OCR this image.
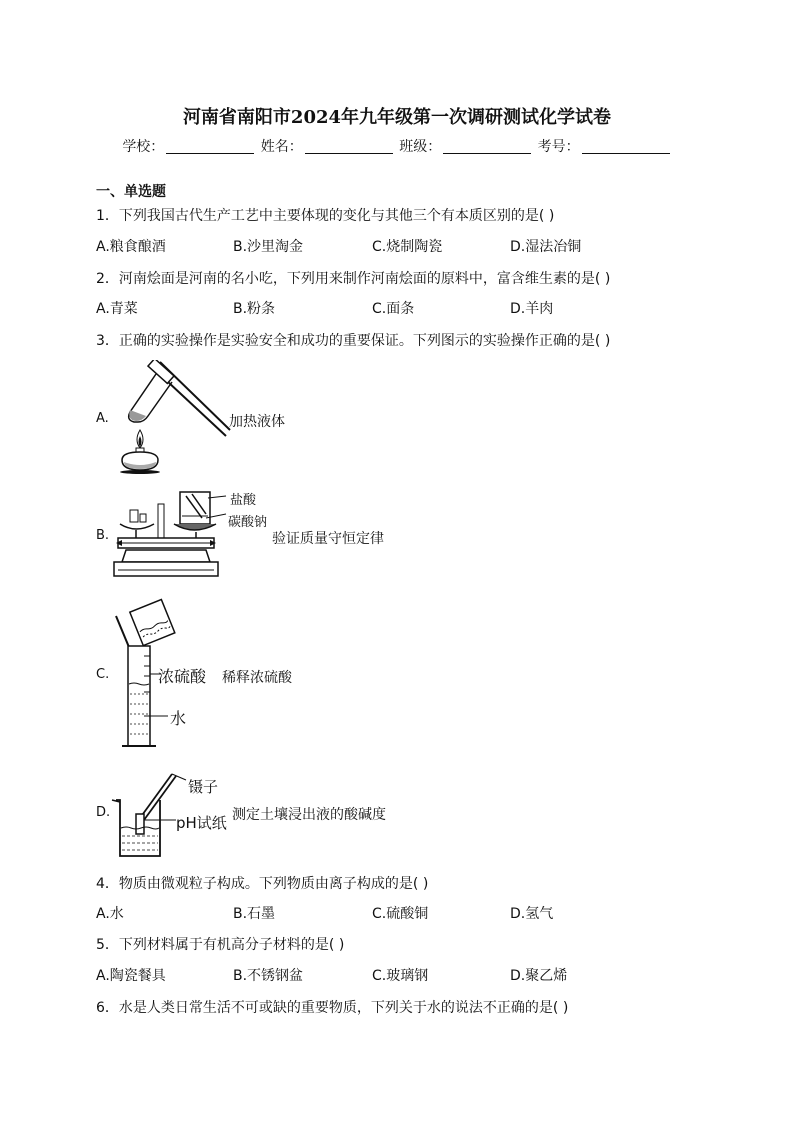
河南省南阳市2024年九年级第一次调研测试化学试卷
学校：	姓名：	班级：	考号：
一、单选题
1．下列我国古代生产工艺中主要体现的变化与其他三个有本质区别的是( )
A.粮食酿酒	B.沙里淘金	C.烧制陶瓷	D.湿法冶铜
2．河南烩面是河南的名小吃，下列用来制作河南烩面的原料中，富含维生素的是( )
A.青菜	B.粉条	C.面条	D.羊肉
3．正确的实验操作是实验安全和成功的重要保证。下列图示的实验操作正确的是( )
A.	加热液体
B.
盐酸
碳酸钠
验证质量守恒定律
C.	浓硫酸 稀释浓硫酸
水
D.
镊子
pH试纸 测定土壤浸出液的酸碱度
4．物质由微观粒子构成。下列物质由离子构成的是( )
A.水	B.石墨	C.硫酸铜	D.氢气
5．下列材料属于有机高分子材料的是( )
A.陶瓷餐具	B.不锈钢盆	C.玻璃钢	D.聚乙烯
6．水是人类日常生活不可或缺的重要物质，下列关于水的说法不正确的是( )
